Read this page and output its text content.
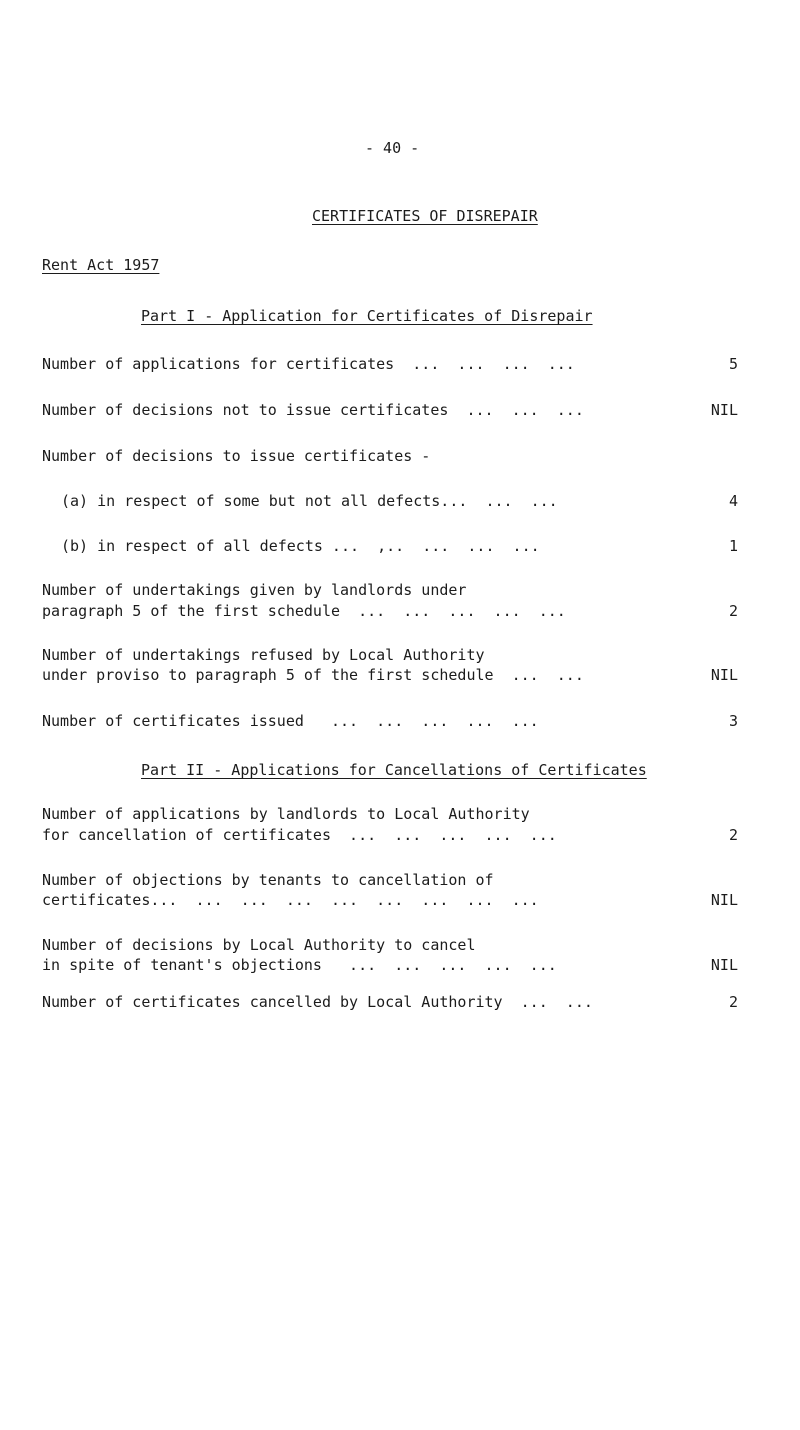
- 40 -
CERTIFICATES OF DISREPAIR
Rent Act 1957
Part I - Application for Certificates of Disrepair
Number of applications for certificates  ...  ...  ...  ...	5
Number of decisions not to issue certificates  ...  ...  ...	NIL
Number of decisions to issue certificates -
(a) in respect of some but not all defects...  ...  ...	4
(b) in respect of all defects ...  ,..  ...  ...  ...	1
Number of undertakings given by landlords under
paragraph 5 of the first schedule  ...  ...  ...  ...  ...	2
Number of undertakings refused by Local Authority
under proviso to paragraph 5 of the first schedule  ...  ...	NIL
Number of certificates issued   ...  ...  ...  ...  ...	3
Part II - Applications for Cancellations of Certificates
Number of applications by landlords to Local Authority
for cancellation of certificates  ...  ...  ...  ...  ...	2
Number of objections by tenants to cancellation of
certificates...  ...  ...  ...  ...  ...  ...  ...  ...	NIL
Number of decisions by Local Authority to cancel
in spite of tenant's objections   ...  ...  ...  ...  ...	NIL
Number of certificates cancelled by Local Authority  ...  ...	2
